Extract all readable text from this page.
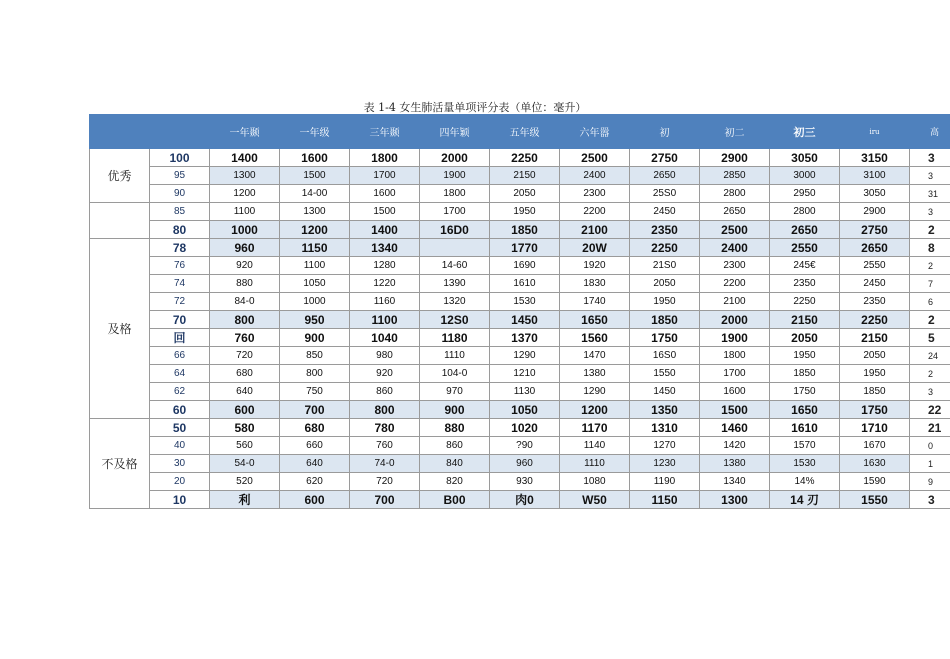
表 1-4 女生肺活量单项评分表（单位：毫升）
		一年颞	一年级	三年颞	四年颖	五年级	六年嚣	初	初二	初三	iru	高
优秀	100	1400	1600	1800	2000	2250	2500	2750	2900	3050	3150	3
	95	1300	1500	1700	1900	2150	2400	2650	2850	3000	3100	3
	90	1200	14-00	1600	1800	2050	2300	25S0	2800	2950	3050	31
	85	1100	1300	1500	1700	1950	2200	2450	2650	2800	2900	3
	80	1000	1200	1400	16D0	1850	2100	2350	2500	2650	2750	2
及格	78	960	1150	1340		1770	20W	2250	2400	2550	2650	8
	76	920	1100	1280	14-60	1690	1920	21S0	2300	245€	2550	2
	74	880	1050	1220	1390	1610	1830	2050	2200	2350	2450	7
	72	84-0	1000	1160	1320	1530	1740	1950	2100	2250	2350	6
	70	800	950	1100	12S0	1450	1650	1850	2000	2150	2250	2
	回	760	900	1040	1180	1370	1560	1750	1900	2050	2150	5
	66	720	850	980	1110	1290	1470	16S0	1800	1950	2050	24
	64	680	800	920	104-0	1210	1380	1550	1700	1850	1950	2
	62	640	750	860	970	1130	1290	1450	1600	1750	1850	3
	60	600	700	800	900	1050	1200	1350	1500	1650	1750	22
不及格	50	580	680	780	880	1020	1170	1310	1460	1610	1710	21
	40	560	660	760	860	?90	1140	1270	1420	1570	1670	0
	30	54-0	640	74-0	840	960	1110	1230	1380	1530	1630	1
	20	520	620	720	820	930	1080	1190	1340	14%	1590	9
	10	利	600	700	B00	肉0	W50	1150	1300	14 刃	1550	3
